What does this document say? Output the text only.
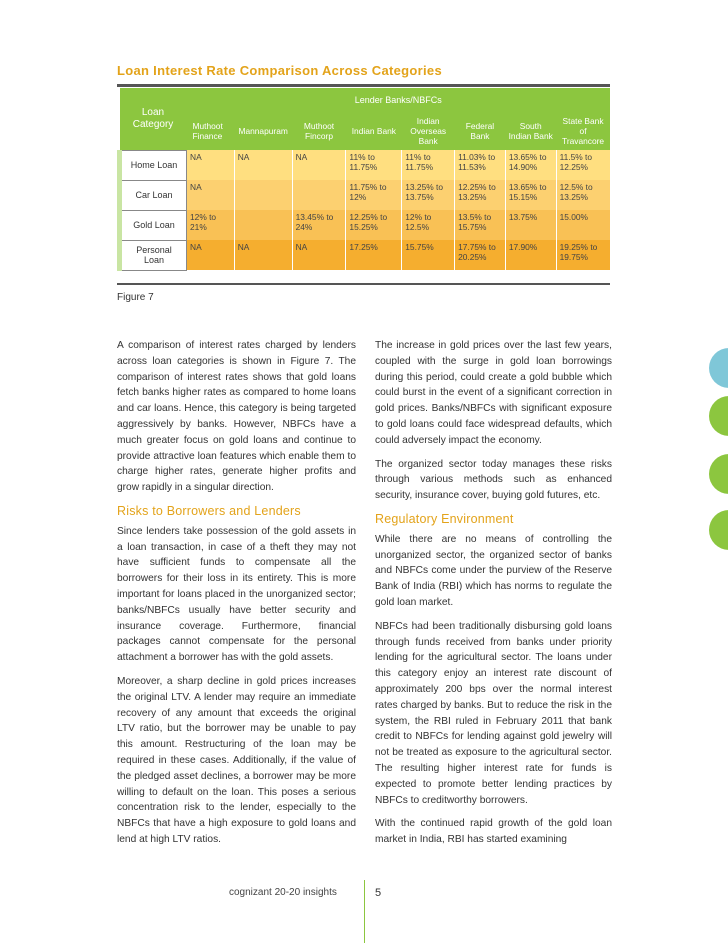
Loan Interest Rate Comparison Across Categories
Loan Category	Lender Banks/NBFCs							
	Muthoot Finance	Mannapuram	Muthoot Fincorp	Indian Bank	Indian Overseas Bank	Federal Bank	South Indian Bank	State Bank of Travancore
Home Loan	NA	NA	NA	11% to 11.75%	11% to 11.75%	11.03% to 11.53%	13.65% to 14.90%	11.5% to 12.25%
Car Loan	NA			11.75% to 12%	13.25% to 13.75%	12.25% to 13.25%	13.65% to 15.15%	12.5% to 13.25%
Gold Loan	12% to 21%		13.45% to 24%	12.25% to 15.25%	12% to 12.5%	13.5% to 15.75%	13.75%	15.00%
Personal Loan	NA	NA	NA	17.25%	15.75%	17.75% to 20.25%	17.90%	19.25% to 19.75%
Figure 7

A comparison of interest rates charged by lenders across loan categories is shown in Figure 7. The comparison of interest rates shows that gold loans fetch banks higher rates as compared to home loans and car loans. Hence, this category is being targeted aggressively by banks. However, NBFCs have a much greater focus on gold loans and continue to provide attractive loan features which enable them to charge higher rates, generate higher profits and grow rapidly in a singular direction.

Risks to Borrowers and Lenders

Since lenders take possession of the gold assets in a loan transaction, in case of a theft they may not have sufficient funds to compensate all the borrowers for their loss in its entirety. This is more important for loans placed in the unorganized sector; banks/NBFCs usually have better security and insurance coverage. Furthermore, financial packages cannot compensate for the personal attachment a borrower has with the gold assets.

Moreover, a sharp decline in gold prices increases the original LTV. A lender may require an immediate recovery of any amount that exceeds the original LTV ratio, but the borrower may be unable to pay this amount. Restructuring of the loan may be required in these cases. Additionally, if the value of the pledged asset declines, a borrower may be more willing to default on the loan. This poses a serious concentration risk to the lender, especially to the NBFCs that have a high exposure to gold loans and lend at high LTV ratios.

The increase in gold prices over the last few years, coupled with the surge in gold loan borrowings during this period, could create a gold bubble which could burst in the event of a significant correction in gold prices. Banks/NBFCs with significant exposure to gold loans could face widespread defaults, which could adversely impact the economy.

The organized sector today manages these risks through various methods such as enhanced security, insurance cover, buying gold futures, etc.

Regulatory Environment

While there are no means of controlling the unorganized sector, the organized sector of banks and NBFCs come under the purview of the Reserve Bank of India (RBI) which has norms to regulate the gold loan market.

NBFCs had been traditionally disbursing gold loans through funds received from banks under priority lending for the agricultural sector. The loans under this category enjoy an interest rate discount of approximately 200 bps over the normal interest rates charged by banks. But to reduce the risk in the system, the RBI ruled in February 2011 that bank credit to NBFCs for lending against gold jewelry will not be treated as exposure to the agricultural sector. The resulting higher interest rate for funds is expected to promote better lending practices by NBFCs to creditworthy borrowers.

With the continued rapid growth of the gold loan market in India, RBI has started examining

cognizant 20-20 insights	5
